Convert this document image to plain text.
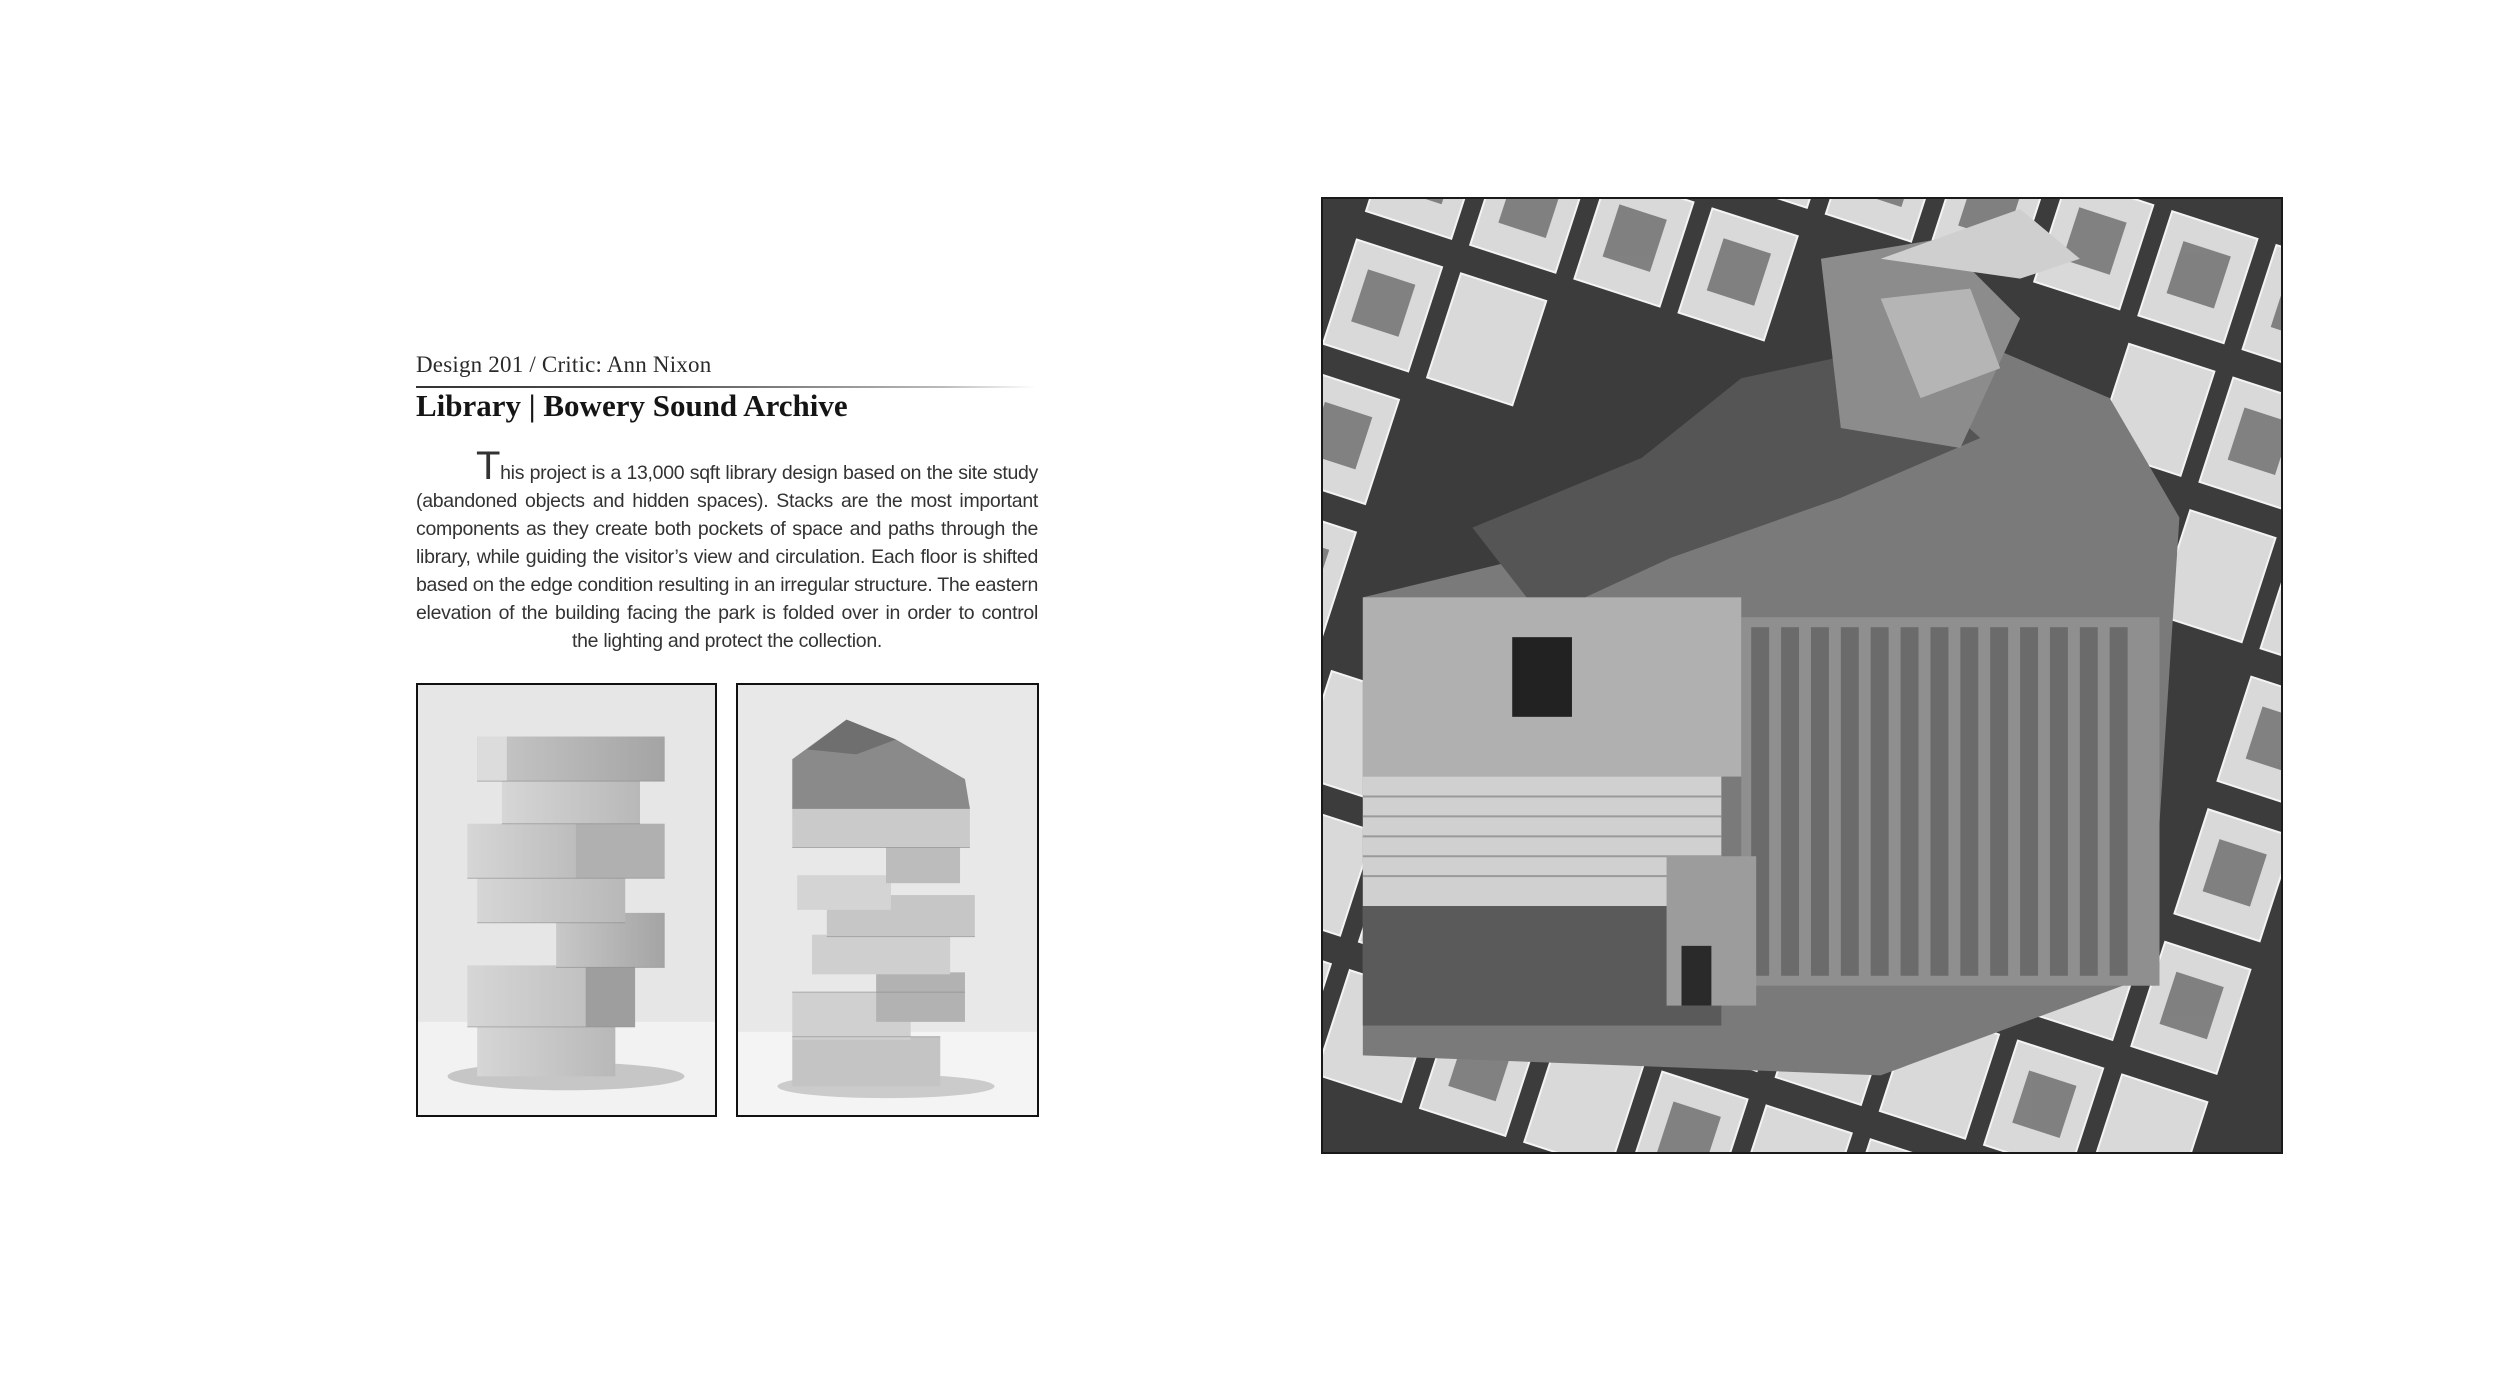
Design 201 / Critic: Ann Nixon
Library | Bowery Sound Archive
This project is a 13,000 sqft library design based on the site study (abandoned objects and hidden spaces). Stacks are the most important components as they create both pockets of space and paths through the library, while guiding the visitor’s view and circulation. Each floor is shifted based on the edge condition resulting in an irregular structure. The eastern elevation of the building facing the park is folded over in order to control the lighting and protect the collection.
